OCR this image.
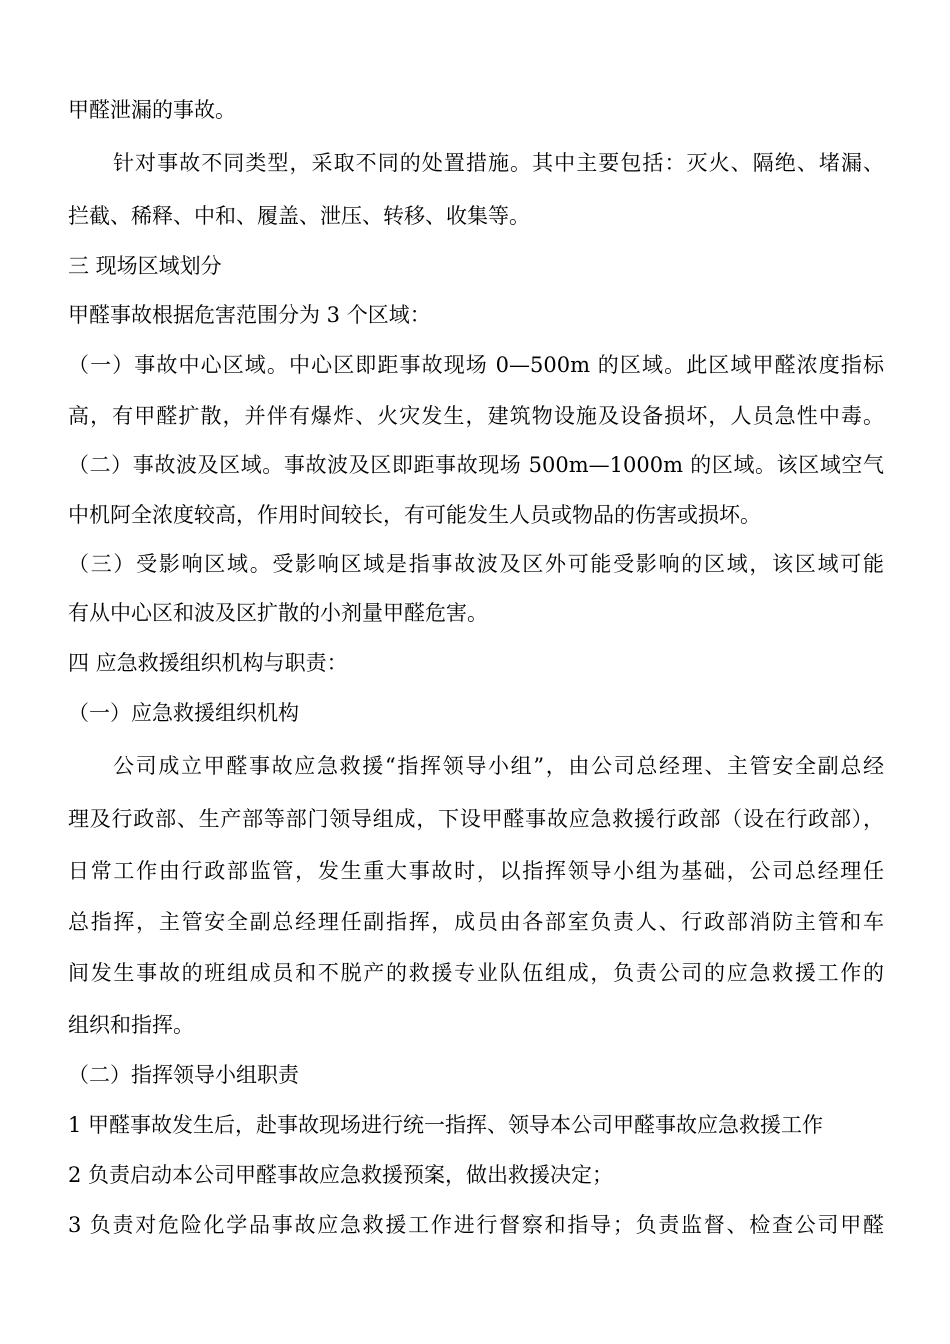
甲醛泄漏的事故。
针对事故不同类型，采取不同的处置措施。其中主要包括：灭火、隔绝、堵漏、
拦截、稀释、中和、履盖、泄压、转移、收集等。
三 现场区域划分
甲醛事故根据危害范围分为 3 个区域：
（一）事故中心区域。中心区即距事故现场 0—500m 的区域。此区域甲醛浓度指标
高，有甲醛扩散，并伴有爆炸、火灾发生，建筑物设施及设备损坏，人员急性中毒。
（二）事故波及区域。事故波及区即距事故现场 500m—1000m 的区域。该区域空气
中机阿全浓度较高，作用时间较长，有可能发生人员或物品的伤害或损坏。
（三）受影响区域。受影响区域是指事故波及区外可能受影响的区域，该区域可能
有从中心区和波及区扩散的小剂量甲醛危害。
四 应急救援组织机构与职责：
（一）应急救援组织机构
公司成立甲醛事故应急救援“指挥领导小组”，由公司总经理、主管安全副总经
理及行政部、生产部等部门领导组成，下设甲醛事故应急救援行政部（设在行政部），
日常工作由行政部监管，发生重大事故时，以指挥领导小组为基础，公司总经理任
总指挥，主管安全副总经理任副指挥，成员由各部室负责人、行政部消防主管和车
间发生事故的班组成员和不脱产的救援专业队伍组成，负责公司的应急救援工作的
组织和指挥。
（二）指挥领导小组职责
1 甲醛事故发生后，赴事故现场进行统一指挥、领导本公司甲醛事故应急救援工作
2 负责启动本公司甲醛事故应急救援预案，做出救援决定；
3 负责对危险化学品事故应急救援工作进行督察和指导；负责监督、检查公司甲醛
